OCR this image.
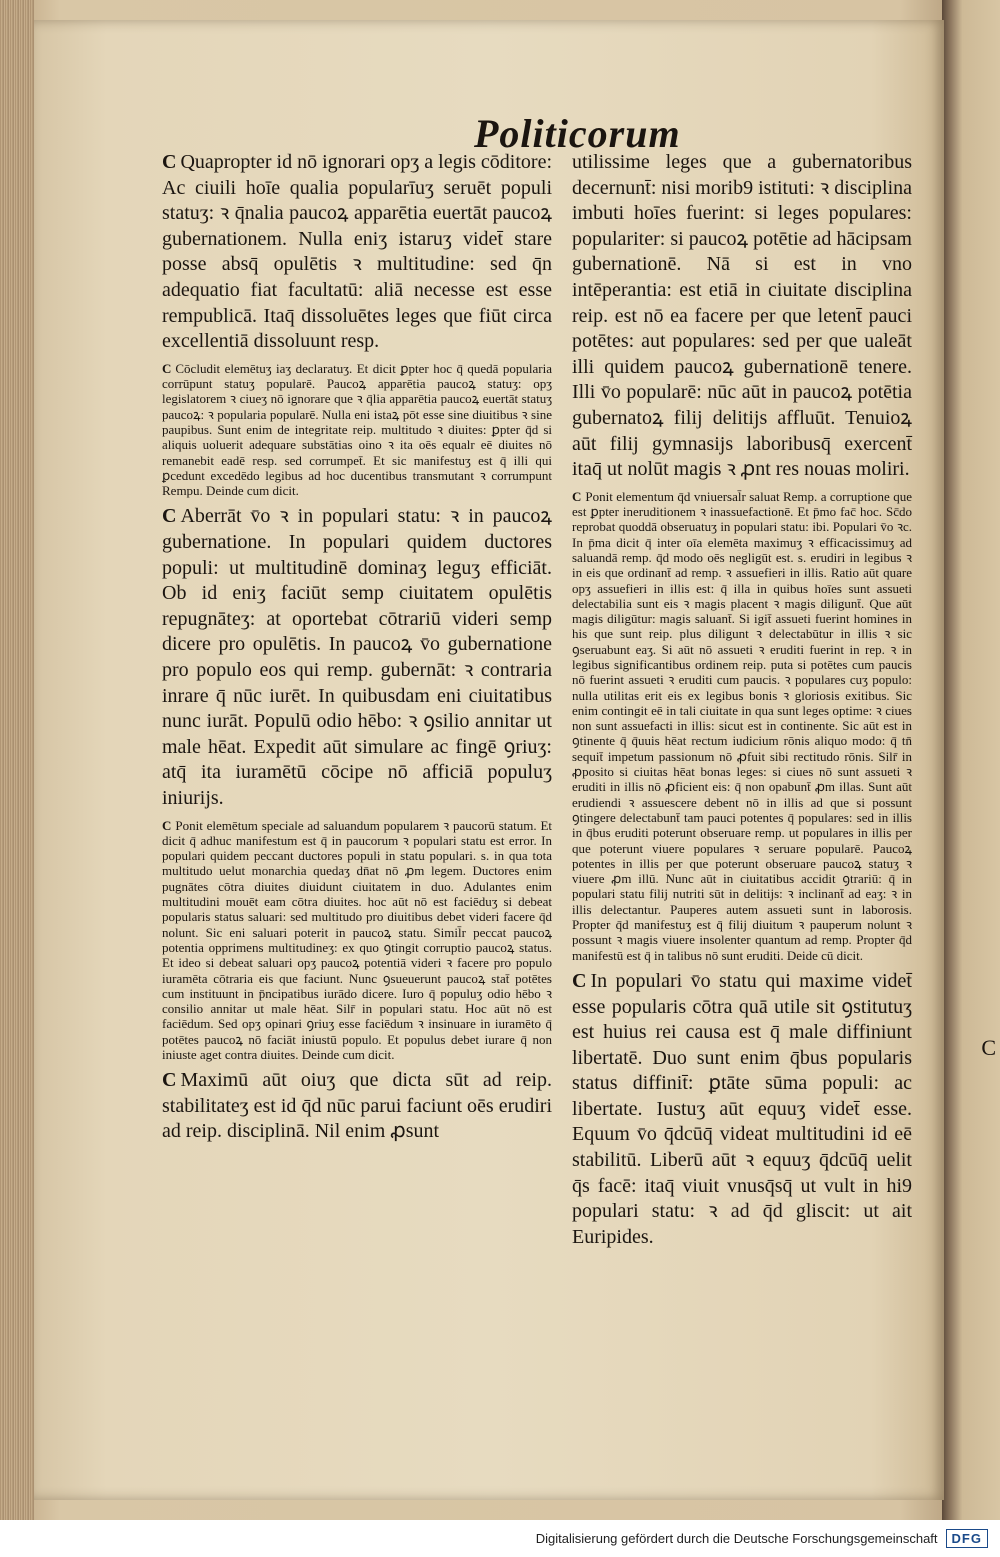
C
Politicorum

C Quapropter id nō ignorari opʒ a legis cōditore: Ac ciuili hoīe qualia popularīuʒ seruēt populi statuʒ: ꝛ q̄nalia paucoꝝ apparētia euertāt paucoꝝ gubernationem. Nulla eniʒ istaruʒ videt̄ stare posse absq̄ opulētis ꝛ multitudine: sed q̄n adequatio fiat facultatū: aliā necesse est esse rempublicā. Itaq̄ dissoluētes leges que fiūt circa excellentiā dissoluunt resp.

C Cōcludit elemētuʒ iaʒ declaratuʒ. Et dicit ꝑpter hoc q̄ quedā popularia corrūpunt statuʒ popularē. Paucoꝝ apparētia paucoꝝ statuʒ: opʒ legislatorem ꝛ ciueʒ nō ignorare que ꝛ q̄lia apparētia paucoꝝ euertāt statuʒ paucoꝝ: ꝛ popularia popularē. Nulla eni istaꝝ pōt esse sine diuitibus ꝛ sine paupibus. Sunt enim de integritate reip. multitudo ꝛ diuites: ꝑpter q̄d si aliquis uoluerit adequare substātias oino ꝛ ita oēs equalr eē diuites nō remanebit eadē resp. sed corrumpet̄. Et sic manifestuʒ est q̄ illi qui ꝑcedunt excedēdo legibus ad hoc ducentibus transmutant ꝛ corrumpunt Rempu. Deinde cum dicit.

C Aberrāt v̄o ꝛ in populari statu: ꝛ in paucoꝝ gubernatione. In populari quidem ductores populi: ut multitudinē dominaʒ leguʒ efficiāt. Ob id eniʒ faciūt semp ciuitatem opulētis repugnāteʒ: at oportebat cōtrariū videri semp dicere pro opulētis. In paucoꝝ v̄o gubernatione pro populo eos qui remp. gubernāt: ꝛ contraria inrare q̄ nūc iurēt. In quibusdam eni ciuitatibus nunc iurāt. Populū odio hēbo: ꝛ ꝯsilio annitar ut male hēat. Expedit aūt simulare ac fingē ꝯriuʒ: atq̄ ita iuramētū cōcipe nō afficiā populuʒ iniurijs.

C Ponit elemētum speciale ad saluandum popularem ꝛ paucorū statum. Et dicit q̄ adhuc manifestum est q̄ in paucorum ꝛ populari statu est error. In populari quidem peccant ductores populi in statu populari. s. in qua tota multitudo uelut monarchia quedaʒ dn̄at nō ꝓm legem. Ductores enim pugnātes cōtra diuites diuidunt ciuitatem in duo. Adulantes enim multitudini mouēt eam cōtra diuites. hoc aūt nō est faciēduʒ si debeat popularis status saluari: sed multitudo pro diuitibus debet videri facere q̄d nolunt. Sic eni saluari poterit in paucoꝝ statu. Simil̄r peccat paucoꝝ potentia opprimens multitudineʒ: ex quo ꝯtingit corruptio paucoꝝ status. Et ideo si debeat saluari opʒ paucoꝝ potentiā videri ꝛ facere pro populo iuramēta cōtraria eis que faciunt. Nunc ꝯsueuerunt paucoꝝ stat̄ potētes cum instituunt in p̄ncipatibus iurādo dicere. Iuro q̄ populuʒ odio hēbo ꝛ consilio annitar ut male hēat. Silr̄ in populari statu. Hoc aūt nō est faciēdum. Sed opʒ opinari ꝯriuʒ esse faciēdum ꝛ insinuare in iuramēto q̄ potētes paucoꝝ nō faciāt iniustū populo. Et populus debet iurare q̄ non iniuste aget contra diuites. Deinde cum dicit.

C Maximū aūt oiuʒ que dicta sūt ad reip. stabilitateʒ est id q̄d nūc parui faciunt oēs erudiri ad reip. disciplinā. Nil enim ꝓsunt

utilissime leges que a gubernatoribus decernunt̄: nisi morib9 istituti: ꝛ disciplina imbuti hoīes fuerint: si leges populares: populariter: si paucoꝝ potētie ad hācipsam gubernationē. Nā si est in vno intēperantia: est etiā in ciuitate disciplina reip. est nō ea facere per que letent̄ pauci potētes: aut populares: sed per que ualeāt illi quidem paucoꝝ gubernationē tenere. Illi v̄o popularē: nūc aūt in paucoꝝ potētia gubernatoꝝ filij delitijs affluūt. Tenuioꝝ aūt filij gymnasijs laboribusq̄ exercent̄ itaq̄ ut nolūt magis ꝛ ꝓnt res nouas moliri.

C Ponit elementum q̄d vniuersal̄r saluat Remp. a corruptione que est ꝑpter ineruditionem ꝛ inassuefactionē. Et p̄mo fac̄ hoc. Sc̄do reprobat quoddā obseruatuʒ in populari statu: ibi. Populari v̄o ꝛc. In p̄ma dicit q̄ inter oīa elemēta maximuʒ ꝛ efficacissimuʒ ad saluandā remp. q̄d modo oēs negligūt est. s. erudiri in legibus ꝛ in eis que ordinant̄ ad remp. ꝛ assuefieri in illis. Ratio aūt quare opʒ assuefieri in illis est: q̄ illa in quibus hoīes sunt assueti delectabilia sunt eis ꝛ magis placent ꝛ magis diligunt̄. Que aūt magis diligūtur: magis saluant̄. Si igit̄ assueti fuerint homines in his que sunt reip. plus diligunt ꝛ delectabūtur in illis ꝛ sic ꝯseruabunt eaʒ. Si aūt nō assueti ꝛ eruditi fuerint in rep. ꝛ in legibus significantibus ordinem reip. puta si potētes cum paucis nō fuerint assueti ꝛ eruditi cum paucis. ꝛ populares cuʒ populo: nulla utilitas erit eis ex legibus bonis ꝛ gloriosis exitibus. Sic enim contingit eē in tali ciuitate in qua sunt leges optime: ꝛ ciues non sunt assuefacti in illis: sicut est in continente. Sic aūt est in ꝯtinente q̄ q̄uuis hēat rectum iudicium rōnis aliquo modo: q̄ tn̄ sequit̄ impetum passionum nō ꝓfuit sibi rectitudo rōnis. Silr̄ in ꝓposito si ciuitas hēat bonas leges: si ciues nō sunt assueti ꝛ eruditi in illis nō ꝓficient eis: q̄ non opabunt̄ ꝓm illas. Sunt aūt erudiendi ꝛ assuescere debent nō in illis ad que si possunt ꝯtingere delectabunt̄ tam pauci potentes q̄ populares: sed in illis in q̄bus eruditi poterunt obseruare remp. ut populares in illis per que poterunt viuere populares ꝛ seruare popularē. Paucoꝝ potentes in illis per que poterunt obseruare paucoꝝ statuʒ ꝛ viuere ꝓm illū. Nunc aūt in ciuitatibus accidit ꝯtrariū: q̄ in populari statu filij nutriti sūt in delitijs: ꝛ inclinant̄ ad eaʒ: ꝛ in illis delectantur. Pauperes autem assueti sunt in laborosis. Propter q̄d manifestuʒ est q̄ filij diuitum ꝛ pauperum nolunt ꝛ possunt ꝛ magis viuere insolenter quantum ad remp. Propter q̄d manifestū est q̄ in talibus nō sunt eruditi. Deide cū dicit.

C In populari v̄o statu qui maxime videt̄ esse popularis cōtra quā utile sit ꝯstitutuʒ est huius rei causa est q̄ male diffiniunt libertatē. Duo sunt enim q̄bus popularis status diffinit̄: ꝑtāte sūma populi: ac libertate. Iustuʒ aūt equuʒ videt̄ esse. Equum v̄o q̄dcūq̄ videat multitudini id eē stabilitū. Liberū aūt ꝛ equuʒ q̄dcūq̄ uelit q̄s facē: itaq̄ viuit vnusq̄sq̄ ut vult in hi9 populari statu: ꝛ ad q̄d gliscit: ut ait Euripides.

Digitalisierung gefördert durch die Deutsche Forschungsgemeinschaft	DFG
